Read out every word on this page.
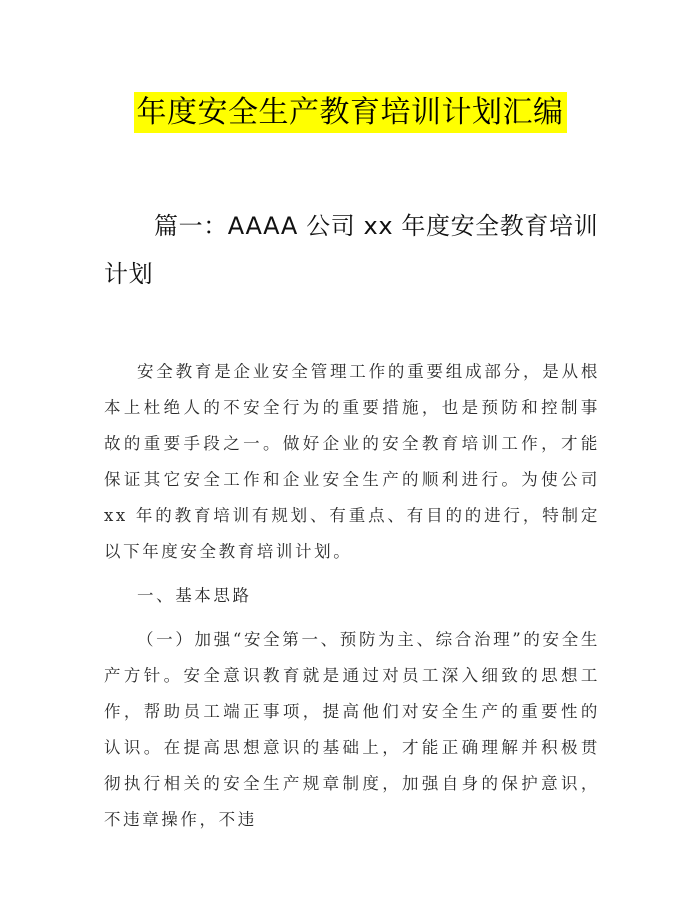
年度安全生产教育培训计划汇编
篇一：AAAA 公司 xx 年度安全教育培训计划

安全教育是企业安全管理工作的重要组成部分，是从根本上杜绝人的不安全行为的重要措施，也是预防和控制事故的重要手段之一。做好企业的安全教育培训工作，才能保证其它安全工作和企业安全生产的顺利进行。为使公司 xx 年的教育培训有规划、有重点、有目的的进行，特制定以下年度安全教育培训计划。

一、基本思路

（一）加强“安全第一、预防为主、综合治理”的安全生产方针。安全意识教育就是通过对员工深入细致的思想工作，帮助员工端正事项，提高他们对安全生产的重要性的认识。在提高思想意识的基础上，才能正确理解并积极贯彻执行相关的安全生产规章制度，加强自身的保护意识，不违章操作，不违
